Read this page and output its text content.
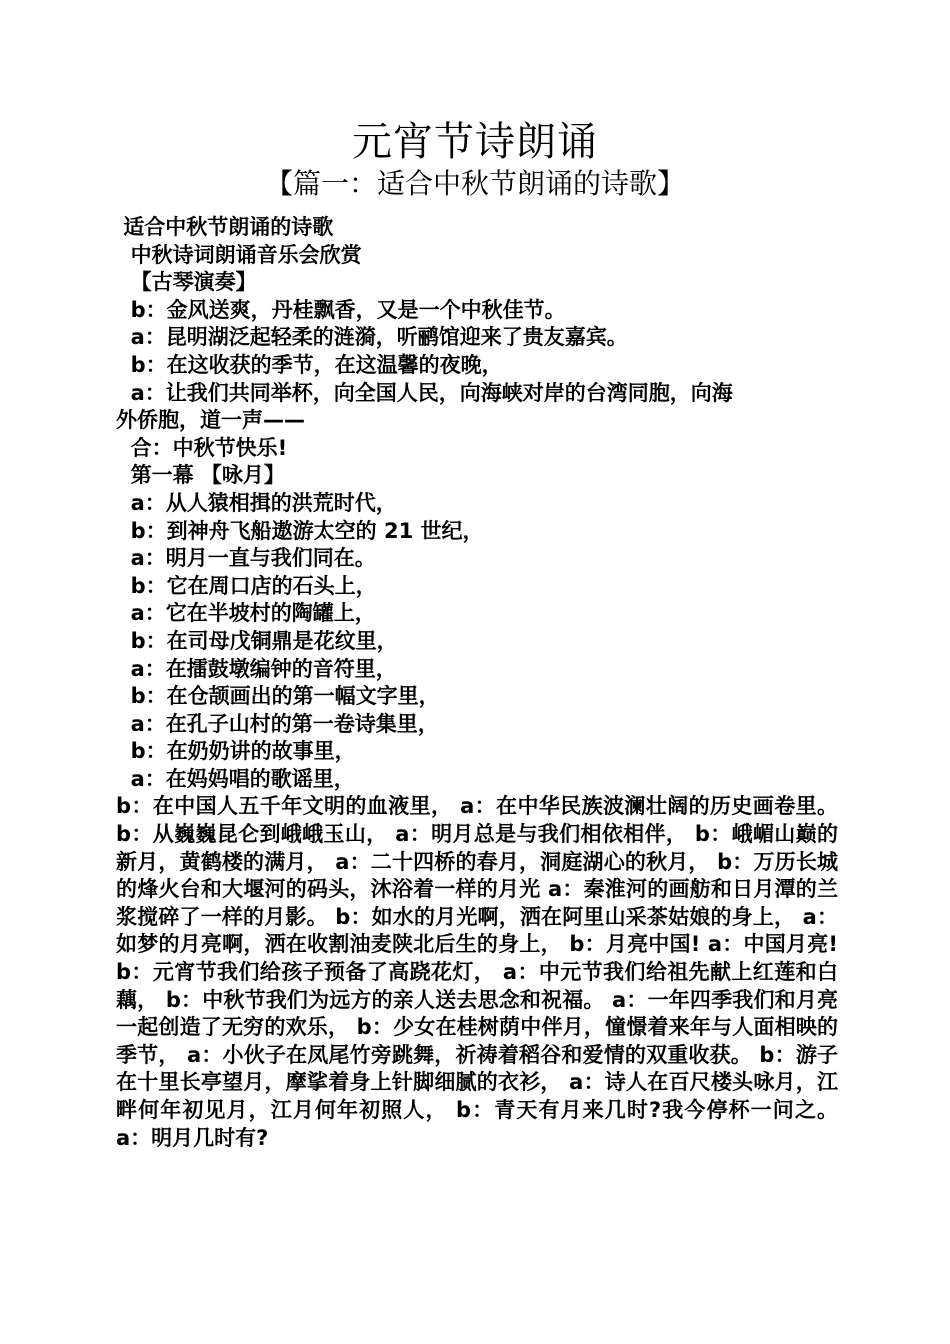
元宵节诗朗诵
【篇一：适合中秋节朗诵的诗歌】
适合中秋节朗诵的诗歌
中秋诗词朗诵音乐会欣赏
【古琴演奏】
b：金风送爽，丹桂飘香，又是一个中秋佳节。
a：昆明湖泛起轻柔的涟漪，听鹂馆迎来了贵友嘉宾。
b：在这收获的季节，在这温馨的夜晚，
a：让我们共同举杯，向全国人民，向海峡对岸的台湾同胞，向海
外侨胞，道一声——
合：中秋节快乐!
第一幕 【咏月】
a：从人猿相揖的洪荒时代，
b：到神舟飞船遨游太空的 21 世纪，
a：明月一直与我们同在。
b：它在周口店的石头上，
a：它在半坡村的陶罐上，
b：在司母戊铜鼎是花纹里，
a：在擂鼓墩编钟的音符里，
b：在仓颉画出的第一幅文字里，
a：在孔子山村的第一卷诗集里，
b：在奶奶讲的故事里，
a：在妈妈唱的歌谣里，
b：在中国人五千年文明的血液里， a：在中华民族波澜壮阔的历史画卷里。 b：从巍巍昆仑到峨峨玉山， a：明月总是与我们相依相伴， b：峨嵋山巅的新月，黄鹤楼的满月， a：二十四桥的春月，洞庭湖心的秋月， b：万历长城的烽火台和大堰河的码头，沐浴着一样的月光 a：秦淮河的画舫和日月潭的兰浆搅碎了一样的月影。 b：如水的月光啊，洒在阿里山采茶姑娘的身上， a：如梦的月亮啊，洒在收割油麦陕北后生的身上， b：月亮中国! a：中国月亮! b：元宵节我们给孩子预备了高跷花灯， a：中元节我们给祖先献上红莲和白藕， b：中秋节我们为远方的亲人送去思念和祝福。 a：一年四季我们和月亮一起创造了无穷的欢乐， b：少女在桂树荫中伴月，憧憬着来年与人面相映的季节， a：小伙子在凤尾竹旁跳舞，祈祷着稻谷和爱情的双重收获。 b：游子在十里长亭望月，摩挲着身上针脚细腻的衣衫， a：诗人在百尺楼头咏月，江畔何年初见月，江月何年初照人， b：青天有月来几时?我今停杯一问之。 a：明月几时有?
